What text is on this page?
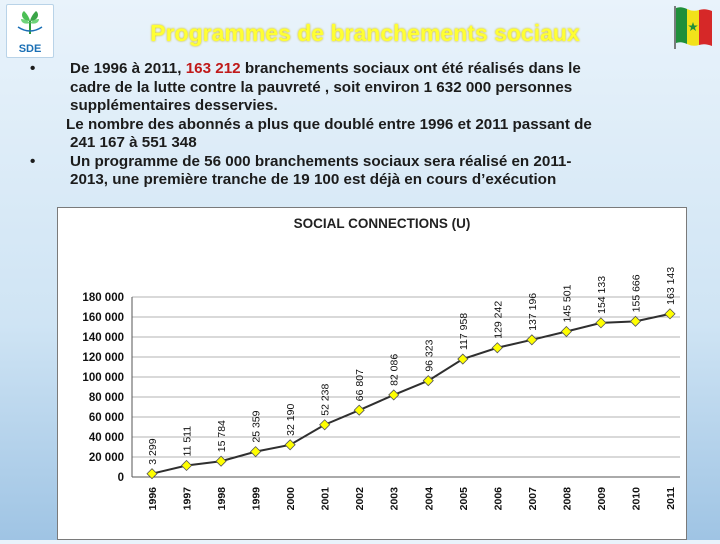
SDE
Programmes de branchements sociaux
• De 1996 à 2011, 163 212 branchements sociaux ont été réalisés dans le
cadre de la lutte contre la pauvreté , soit environ 1 632 000 personnes
supplémentaires desservies.
Le nombre des abonnés a plus que doublé entre 1996 et 2011 passant de
241 167 à 551 348
• Un programme de 56 000 branchements sociaux sera réalisé en 2011-
2013, une première tranche de 19 100 est déjà en cours d’exécution
SOCIAL CONNECTIONS (U)
0
20 000
40 000
60 000
80 000
100 000
120 000
140 000
160 000
180 000
1996 1997 1998 1999 2000 2001 2002 2003 2004 2005 2006 2007 2008 2009 2010 2011
3 299 11 511 15 784 25 359 32 190
52 238 66 807 82 086 96 323
117 958 129 242 137 196 145 501 154 133 155 666 163 143
